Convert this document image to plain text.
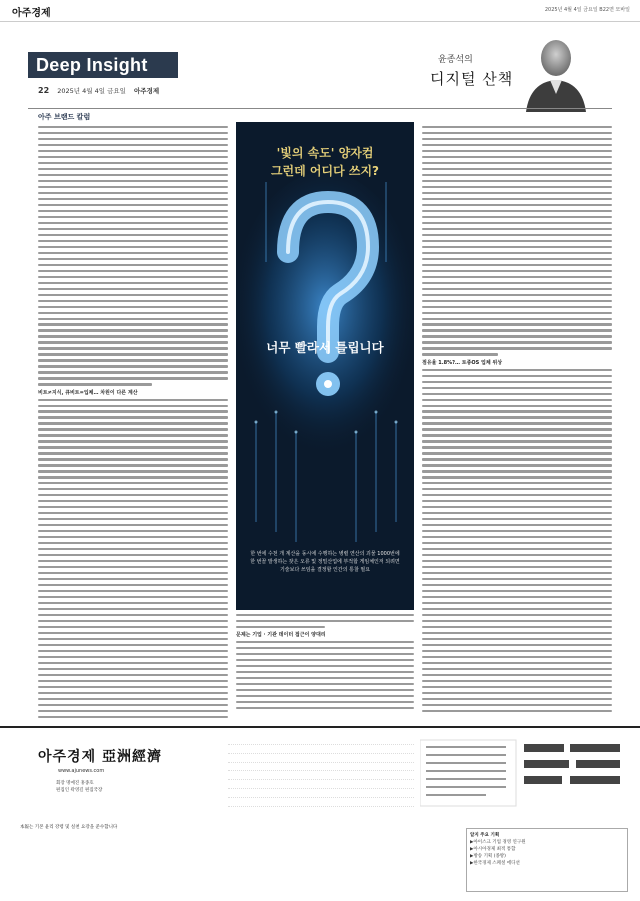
아주경제	2025년 4월 4일 금요일 B22면 모바일
Deep Insight
22 2025년 4월 4일 금요일 아주경제
윤종석의
디지털 산책
아주 브랜드 칼럼
비트≠지식, 큐비트=입체… 차원이 다른 계산
'빛의 속도' 양자컴
그런데 어디다 쓰지?
너무 빨라서 틀립니다
한 번에 수천 개 계산을 동시에 수행하는 병렬 연산의 괴물 1000번에 한 번꼴 발생하는 잦은 오류 및 정밀산업에 부적합 게임체인저 되려면 기술보다 쓰임을 결정할 인간의 통찰 필요
문제는 기업 · 기관 데이터 접근이 양대리
점유율 1.8%?… 토종OS 업체 위상
아주경제 亞洲經濟
www.ajunews.com
회장 명예진 홍종호
편집인 곽영길 편집국장
本報는 기본 윤리 강령 및 실천 요강을 준수합니다
알지 주요 기획
▶아이스크 기업 경영 연구원
▶아시아경제 최적 통합
▶방송 기획 (종방)
▶한국경제 스페셜 에디션
